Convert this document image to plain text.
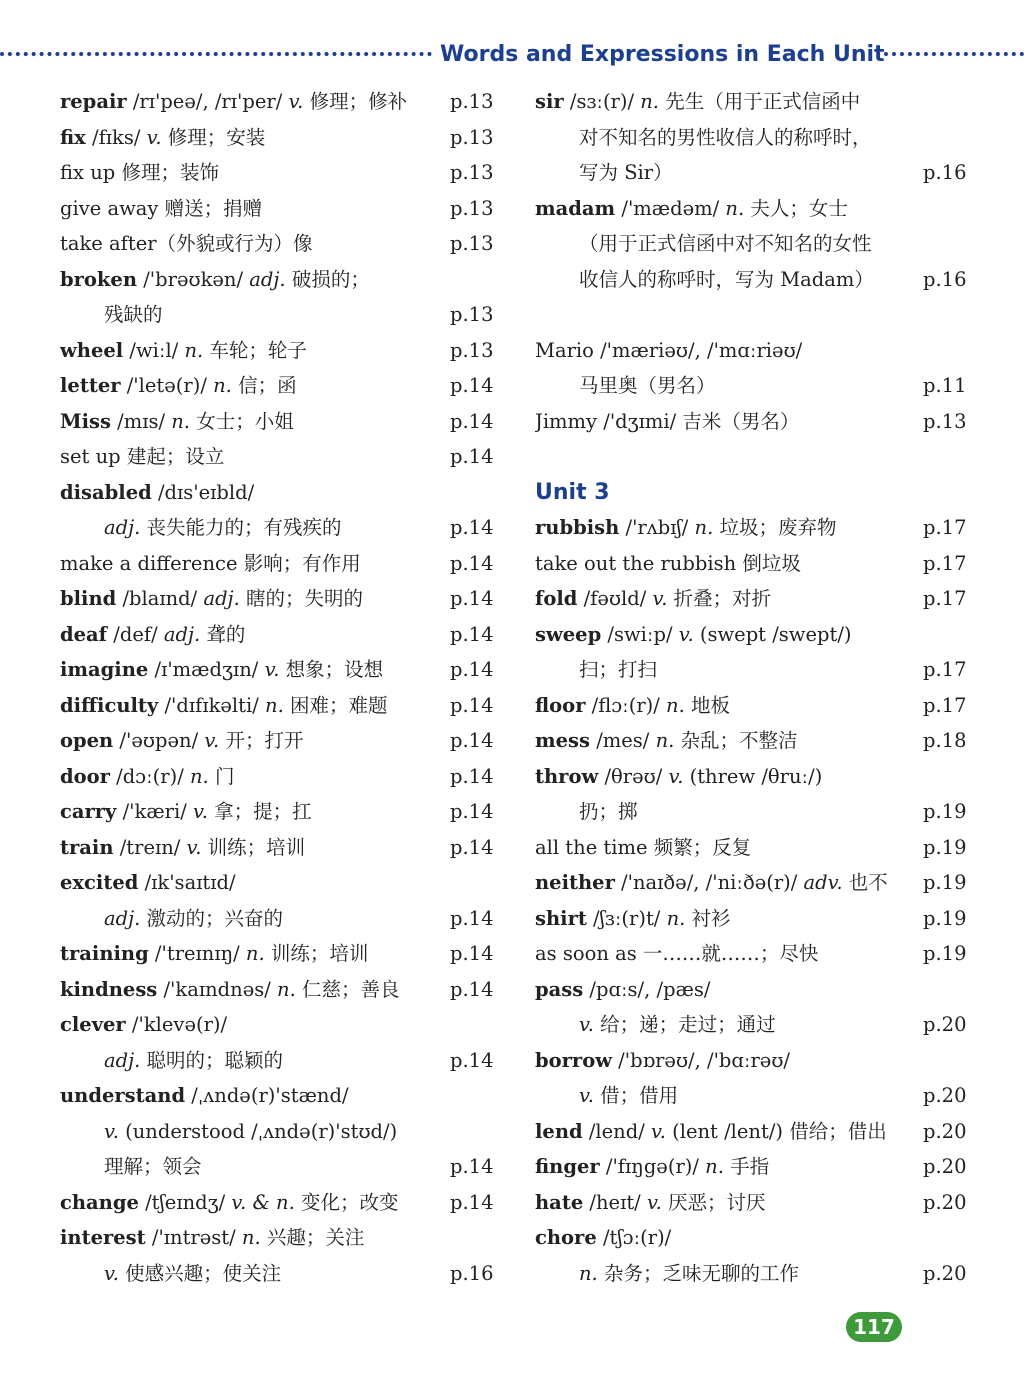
Words and Expressions in Each Unit
repair /rɪ'peə/, /rɪ'per/ v. 修理；修补	p.13
fix /fɪks/ v. 修理；安装	p.13
fix up 修理；装饰	p.13
give away 赠送；捐赠	p.13
take after（外貌或行为）像	p.13
broken /'brəʊkən/ adj. 破损的；
残缺的	p.13
wheel /wiːl/ n. 车轮；轮子	p.13
letter /'letə(r)/ n. 信；函	p.14
Miss /mɪs/ n. 女士；小姐	p.14
set up 建起；设立	p.14
disabled /dɪs'eɪbld/
adj. 丧失能力的；有残疾的	p.14
make a difference 影响；有作用	p.14
blind /blaɪnd/ adj. 瞎的；失明的	p.14
deaf /def/ adj. 聋的	p.14
imagine /ɪ'mædʒɪn/ v. 想象；设想	p.14
difficulty /'dɪfɪkəlti/ n. 困难；难题	p.14
open /'əʊpən/ v. 开；打开	p.14
door /dɔː(r)/ n. 门	p.14
carry /'kæri/ v. 拿；提；扛	p.14
train /treɪn/ v. 训练；培训	p.14
excited /ɪk'saɪtɪd/
adj. 激动的；兴奋的	p.14
training /'treɪnɪŋ/ n. 训练；培训	p.14
kindness /'kaɪndnəs/ n. 仁慈；善良	p.14
clever /'klevə(r)/
adj. 聪明的；聪颖的	p.14
understand /ˌʌndə(r)'stænd/
v. (understood /ˌʌndə(r)'stʊd/)
理解；领会	p.14
change /tʃeɪndʒ/ v. & n. 变化；改变	p.14
interest /'ɪntrəst/ n. 兴趣；关注
v. 使感兴趣；使关注	p.16
sir /sɜː(r)/ n. 先生（用于正式信函中
对不知名的男性收信人的称呼时，
写为 Sir）	p.16
madam /'mædəm/ n. 夫人；女士
（用于正式信函中对不知名的女性
收信人的称呼时，写为 Madam）	p.16
Mario /'mæriəʊ/, /'mɑːriəʊ/
马里奥（男名）	p.11
Jimmy /'dʒɪmi/ 吉米（男名）	p.13
Unit 3
rubbish /'rʌbɪʃ/ n. 垃圾；废弃物	p.17
take out the rubbish 倒垃圾	p.17
fold /fəʊld/ v. 折叠；对折	p.17
sweep /swiːp/ v. (swept /swept/)
扫；打扫	p.17
floor /flɔː(r)/ n. 地板	p.17
mess /mes/ n. 杂乱；不整洁	p.18
throw /θrəʊ/ v. (threw /θruː/)
扔；掷	p.19
all the time 频繁；反复	p.19
neither /'naɪðə/, /'niːðə(r)/ adv. 也不	p.19
shirt /ʃɜː(r)t/ n. 衬衫	p.19
as soon as 一……就……；尽快	p.19
pass /pɑːs/, /pæs/
v. 给；递；走过；通过	p.20
borrow /'bɒrəʊ/, /'bɑːrəʊ/
v. 借；借用	p.20
lend /lend/ v. (lent /lent/) 借给；借出	p.20
finger /'fɪŋgə(r)/ n. 手指	p.20
hate /heɪt/ v. 厌恶；讨厌	p.20
chore /tʃɔː(r)/
n. 杂务；乏味无聊的工作	p.20
117
